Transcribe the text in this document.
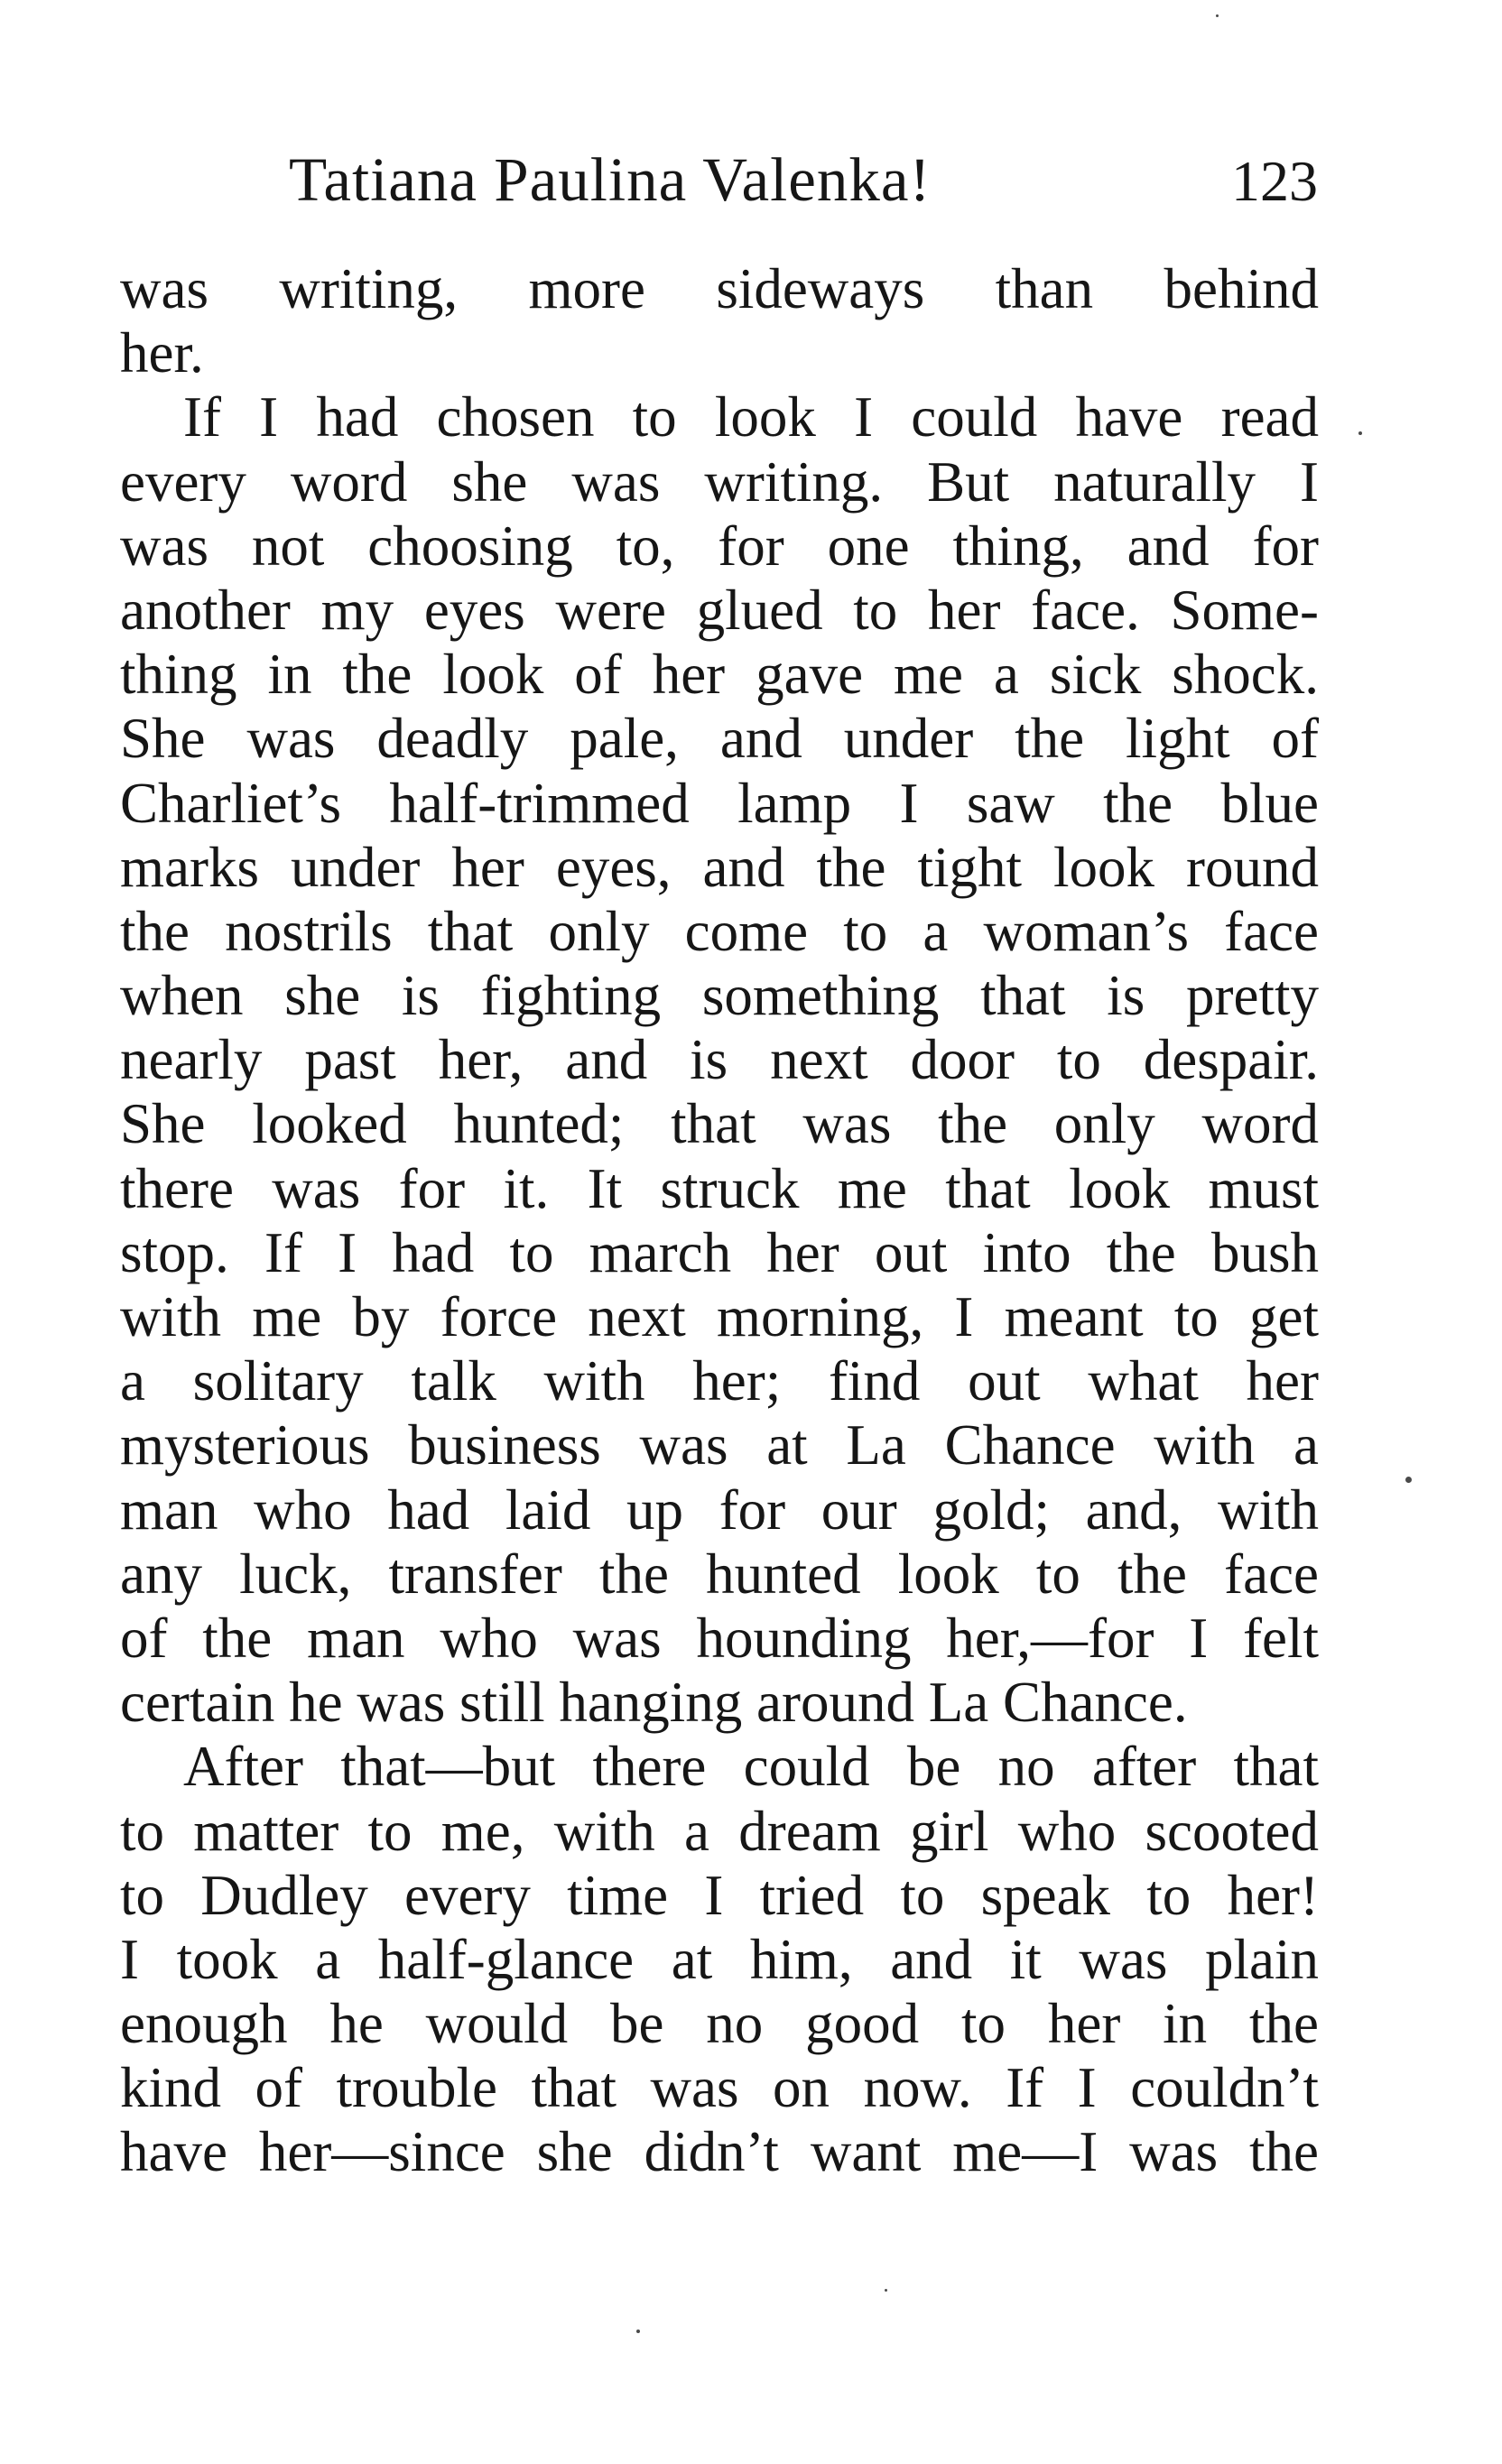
Tatiana Paulina Valenka!	123
was writing, more sideways than behind
her.
If I had chosen to look I could have read
every word she was writing. But naturally I
was not choosing to, for one thing, and for
another my eyes were glued to her face. Some-
thing in the look of her gave me a sick shock.
She was deadly pale, and under the light of
Charliet’s half-trimmed lamp I saw the blue
marks under her eyes, and the tight look round
the nostrils that only come to a woman’s face
when she is fighting something that is pretty
nearly past her, and is next door to despair.
She looked hunted; that was the only word
there was for it. It struck me that look must
stop. If I had to march her out into the bush
with me by force next morning, I meant to get
a solitary talk with her; find out what her
mysterious business was at La Chance with a
man who had laid up for our gold; and, with
any luck, transfer the hunted look to the face
of the man who was hounding her,—for I felt
certain he was still hanging around La Chance.
After that—but there could be no after that
to matter to me, with a dream girl who scooted
to Dudley every time I tried to speak to her!
I took a half-glance at him, and it was plain
enough he would be no good to her in the
kind of trouble that was on now. If I couldn’t
have her—since she didn’t want me—I was the
